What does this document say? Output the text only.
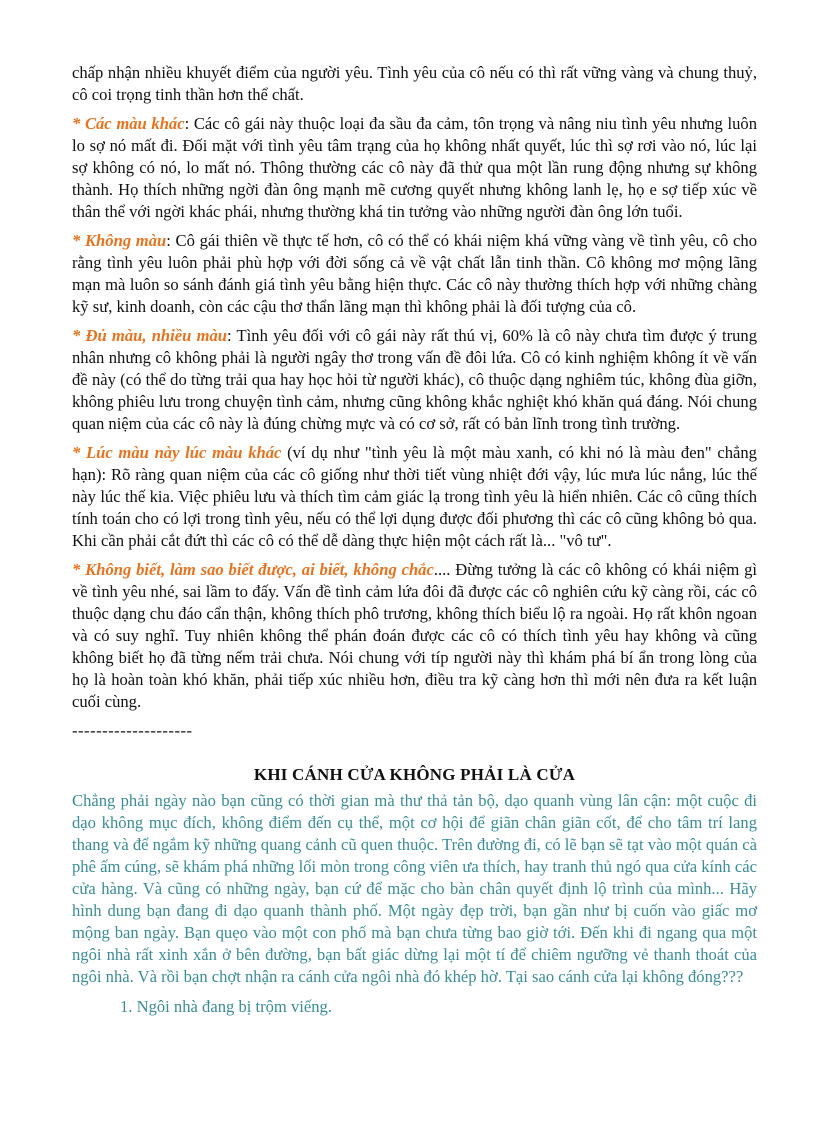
chấp nhận nhiều khuyết điểm của người yêu. Tình yêu của cô nếu có thì rất vững vàng và chung thuỷ, cô coi trọng tinh thần hơn thể chất.

* Các màu khác: Các cô gái này thuộc loại đa sầu đa cảm, tôn trọng và nâng niu tình yêu nhưng luôn lo sợ nó mất đi. Đối mặt với tình yêu tâm trạng của họ không nhất quyết, lúc thì sợ rơi vào nó, lúc lại sợ không có nó, lo mất nó. Thông thường các cô này đã thử qua một lần rung động nhưng sự không thành. Họ thích những ngời đàn ông mạnh mẽ cương quyết nhưng không lanh lẹ, họ e sợ tiếp xúc về thân thể với ngời khác phái, nhưng thường khá tin tưởng vào những người đàn ông lớn tuổi.

* Không màu: Cô gái thiên về thực tế hơn, cô có thể có khái niệm khá vững vàng về tình yêu, cô cho rằng tình yêu luôn phải phù hợp với đời sống cả về vật chất lẫn tinh thần. Cô không mơ mộng lãng mạn mà luôn so sánh đánh giá tình yêu bằng hiện thực. Các cô này thường thích hợp với những chàng kỹ sư, kinh doanh, còn các cậu thơ thẩn lãng mạn thì không phải là đối tượng của cô.

* Đủ màu, nhiều màu: Tình yêu đối với cô gái này rất thú vị, 60% là cô này chưa tìm được ý trung nhân nhưng cô không phải là người ngây thơ trong vấn đề đôi lứa. Cô có kinh nghiệm không ít về vấn đề này (có thể do từng trải qua hay học hỏi từ người khác), cô thuộc dạng nghiêm túc, không đùa giỡn, không phiêu lưu trong chuyện tình cảm, nhưng cũng không khắc nghiệt khó khăn quá đáng. Nói chung quan niệm của các cô này là đúng chừng mực và có cơ sở, rất có bản lĩnh trong tình trường.

* Lúc màu này lúc màu khác (ví dụ như "tình yêu là một màu xanh, có khi nó là màu đen" chẳng hạn): Rõ ràng quan niệm của các cô giống như thời tiết vùng nhiệt đới vậy, lúc mưa lúc nắng, lúc thế này lúc thế kia. Việc phiêu lưu và thích tìm cảm giác lạ trong tình yêu là hiển nhiên. Các cô cũng thích tính toán cho có lợi trong tình yêu, nếu có thể lợi dụng được đối phương thì các cô cũng không bỏ qua. Khi cần phải cắt đứt thì các cô có thể dễ dàng thực hiện một cách rất là... "vô tư".

* Không biết, làm sao biết được, ai biết, không chắc.... Đừng tưởng là các cô không có khái niệm gì về tình yêu nhé, sai lầm to đấy. Vấn đề tình cảm lứa đôi đã được các cô nghiên cứu kỹ càng rồi, các cô thuộc dạng chu đáo cẩn thận, không thích phô trương, không thích biểu lộ ra ngoài. Họ rất khôn ngoan và có suy nghĩ. Tuy nhiên không thể phán đoán được các cô có thích tình yêu hay không và cũng không biết họ đã từng nếm trải chưa. Nói chung với típ người này thì khám phá bí ẩn trong lòng của họ là hoàn toàn khó khăn, phải tiếp xúc nhiều hơn, điều tra kỹ càng hơn thì mới nên đưa ra kết luận cuối cùng.

--------------------
KHI CÁNH CỬA KHÔNG PHẢI LÀ CỬA

Chẳng phải ngày nào bạn cũng có thời gian mà thư thả tản bộ, dạo quanh vùng lân cận: một cuộc đi dạo không mục đích, không điểm đến cụ thể, một cơ hội để giãn chân giãn cốt, để cho tâm trí lang thang và để ngắm kỹ những quang cảnh cũ quen thuộc. Trên đường đi, có lẽ bạn sẽ tạt vào một quán cà phê ấm cúng, sẽ khám phá những lối mòn trong công viên ưa thích, hay tranh thủ ngó qua cửa kính các cửa hàng. Và cũng có những ngày, bạn cứ để mặc cho bàn chân quyết định lộ trình của mình... Hãy hình dung bạn đang đi dạo quanh thành phố. Một ngày đẹp trời, bạn gần như bị cuốn vào giấc mơ mộng ban ngày. Bạn quẹo vào một con phố mà bạn chưa từng bao giờ tới. Đến khi đi ngang qua một ngôi nhà rất xinh xắn ở bên đường, bạn bất giác dừng lại một tí để chiêm ngưỡng vẻ thanh thoát của ngôi nhà. Và rồi bạn chợt nhận ra cánh cửa ngôi nhà đó khép hờ. Tại sao cánh cửa lại không đóng???

1. Ngôi nhà đang bị trộm viếng.
